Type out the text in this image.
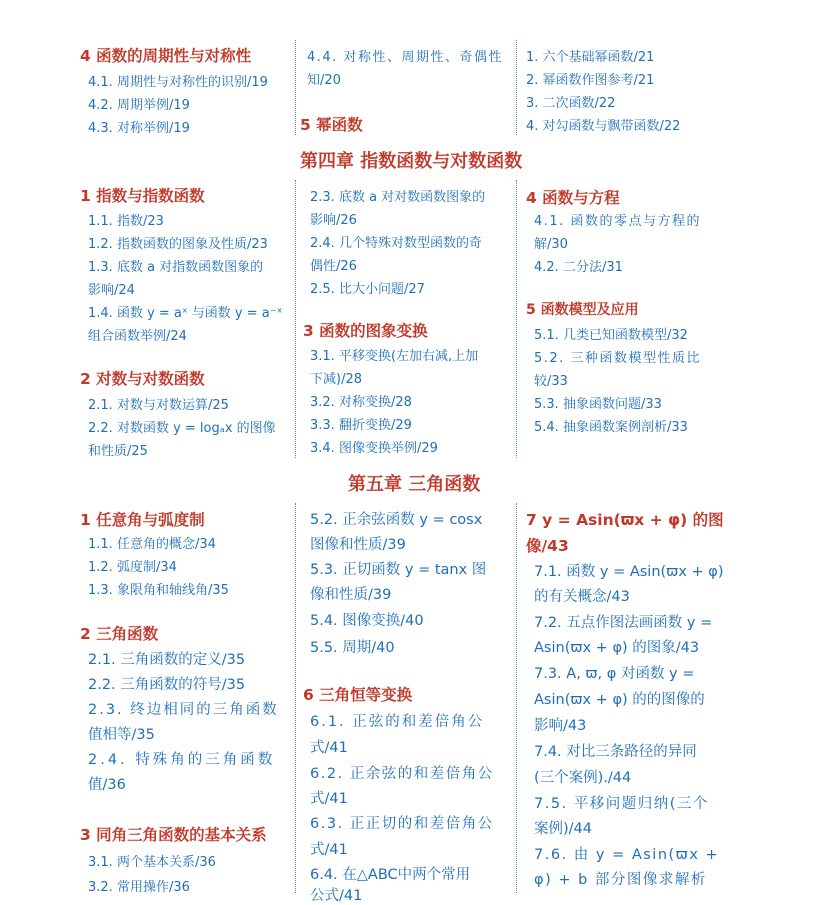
4 函数的周期性与对称性
4.1. 周期性与对称性的识别/19
4.2. 周期举例/19
4.3. 对称举例/19
4.4. 对称性、周期性、奇偶性
知/20
5 幂函数
1. 六个基础幂函数/21
2. 幂函数作图参考/21
3. 二次函数/22
4. 对勾函数与飘带函数/22
第四章 指数函数与对数函数
1 指数与指数函数
1.1. 指数/23
1.2. 指数函数的图象及性质/23
1.3. 底数 a 对指数函数图象的
影响/24
1.4. 函数 y = aˣ 与函数 y = a⁻ˣ
组合函数举例/24
2 对数与对数函数
2.1. 对数与对数运算/25
2.2. 对数函数 y = logₐx 的图像
和性质/25
2.3. 底数 a 对对数函数图象的
影响/26
2.4. 几个特殊对数型函数的奇
偶性/26
2.5. 比大小问题/27
3 函数的图象变换
3.1. 平移变换(左加右减,上加
下减)/28
3.2. 对称变换/28
3.3. 翻折变换/29
3.4. 图像变换举例/29
4 函数与方程
4.1. 函数的零点与方程的
解/30
4.2. 二分法/31
5 函数模型及应用
5.1. 几类已知函数模型/32
5.2. 三种函数模型性质比
较/33
5.3. 抽象函数问题/33
5.4. 抽象函数案例剖析/33
第五章 三角函数
1 任意角与弧度制
1.1. 任意角的概念/34
1.2. 弧度制/34
1.3. 象限角和轴线角/35
2 三角函数
2.1. 三角函数的定义/35
2.2. 三角函数的符号/35
2.3. 终边相同的三角函数
值相等/35
2.4. 特殊角的三角函数
值/36
3 同角三角函数的基本关系
3.1. 两个基本关系/36
3.2. 常用操作/36
5.2. 正余弦函数 y = cosx
图像和性质/39
5.3. 正切函数 y = tanx 图
像和性质/39
5.4. 图像变换/40
5.5. 周期/40
6 三角恒等变换
6.1. 正弦的和差倍角公
式/41
6.2. 正余弦的和差倍角公
式/41
6.3. 正正切的和差倍角公
式/41
6.4. 在△ABC中两个常用
公式/41
7 y = Asin(ϖx + φ) 的图
像/43
7.1. 函数 y = Asin(ϖx + φ)
的有关概念/43
7.2. 五点作图法画函数 y =
Asin(ϖx + φ) 的图象/43
7.3. A, ϖ, φ 对函数 y =
Asin(ϖx + φ) 的的图像的
影响/43
7.4. 对比三条路径的异同
(三个案例)./44
7.5. 平移问题归纳(三个
案例)/44
7.6. 由 y = Asin(ϖx +
φ) + b 部分图像求解析
